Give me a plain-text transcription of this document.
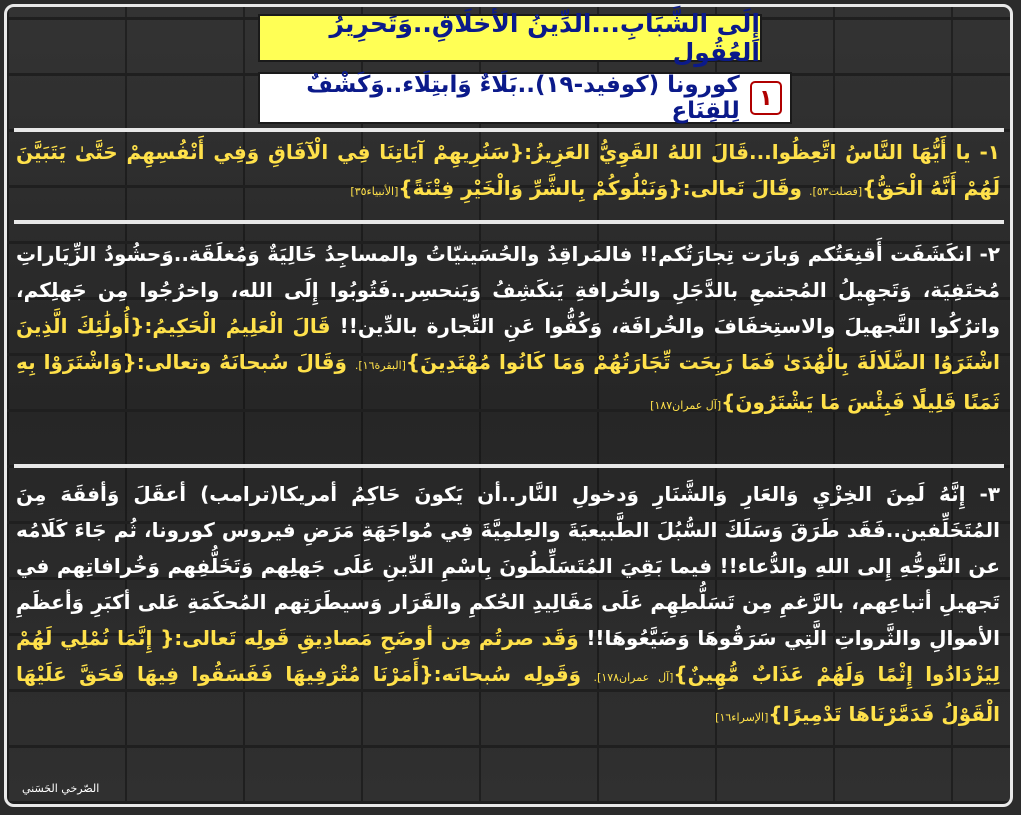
إِلَى الشَّبَابِ...الدِّينُ الأخلَاقِ..وَتَحرِيرُ العُقُول
١
كورونا (كوفيد-١٩)..بَلَاءٌ وَابتِلَاء..وَكَشْفٌ لِلقِنَاع
١- يا أَيُّهَا النَّاسُ اتَّعِظُوا...قَالَ اللهُ القَوِيُّ العَزِيزُ:{سَنُرِيهِمْ آيَاتِنَا فِي الْآفَاقِ وَفِي أَنْفُسِهِمْ حَتَّىٰ يَتَبَيَّنَ لَهُمْ أَنَّهُ الْحَقُّ}[فصلت٥٣]. وقَالَ تَعالى:{وَنَبْلُوكُمْ بِالشَّرِّ وَالْخَيْرِ فِتْنَةً}[الأنبياء٣٥]
٢- انكَشَفَت أَقنِعَتُكم وَبارَت تِجارَتُكم!! فالمَراقِدُ والحُسَينيّاتُ والمساجِدُ خَالِيَةٌ وَمُغلَقَة..وَحشُودُ الزِّيَاراتِ مُختَفِيَة، وَتَجهِيلُ المُجتمعِ بالدَّجَلِ والخُرافةِ يَنكَشِفُ وَيَنحسِر..فَتُوبُوا إِلَى الله، واخرُجُوا مِن جَهلِكم، واترُكُوا التَّجهيلَ والاستِخفَافَ والخُرافَة، وَكُفُّوا عَنِ التِّجارة بالدِّين!! قَالَ الْعَلِيمُ الْحَكِيمُ:{أُولَٰئِكَ الَّذِينَ اشْتَرَوُا الضَّلَالَةَ بِالْهُدَىٰ فَمَا رَبِحَت تِّجَارَتُهُمْ وَمَا كَانُوا مُهْتَدِينَ}[البقرة١٦]. وَقَالَ سُبحانَهُ وتعالى:{وَاشْتَرَوْا بِهِ ثَمَنًا قَلِيلًا فَبِئْسَ مَا يَشْتَرُونَ}[آل عمران١٨٧]
٣- إِنَّهُ لَمِنَ الخِزْيِ وَالعَارِ وَالشَّنَارِ وَدخولِ النَّار..أن يَكونَ حَاكِمُ أمريكا(ترامب) أعقَلَ وَأفقَهَ مِنَ المُتَخَلِّفين..فَقَد طَرَقَ وَسَلَكَ السُّبُلَ الطَّبيعيَةَ والعِلمِيَّةَ فِي مُواجَهَةِ مَرَضِ فيروس كورونا، ثُم جَاءَ كَلَامُه عن التَّوجُّهِ إِلى اللهِ والدُّعاء!! فيما بَقِيَ المُتَسَلِّطُونَ بِاسْمِ الدِّينِ عَلَى جَهلِهم وَتَخَلُّفِهم وَخُرافاتِهم في تَجهيلِ أتباعِهم، بالرَّغمِ مِن تَسَلُّطِهِم عَلَى مَقَالِيدِ الحُكمِ والقَرَار وَسيطَرَتِهم المُحكَمَةِ عَلى أكبَرِ وَأعظَمِ الأموالِ والثَّرواتِ الَّتِي سَرَقُوهَا وَضَيَّعُوهَا!! وَقَد صرتُم مِن أوضَحِ مَصادِيقِ قَولِه تَعالى:{ إِنَّمَا نُمْلِي لَهُمْ لِيَزْدَادُوا إِثْمًا وَلَهُمْ عَذَابٌ مُّهِينٌ}[آل عمران١٧٨]. وَقَولِه سُبحانَه:{أَمَرْنَا مُتْرَفِيهَا فَفَسَقُوا فِيهَا فَحَقَّ عَلَيْهَا الْقَوْلُ فَدَمَّرْنَاهَا تَدْمِيرًا}[الإسراء١٦]
الصّرخي الحَسَني
